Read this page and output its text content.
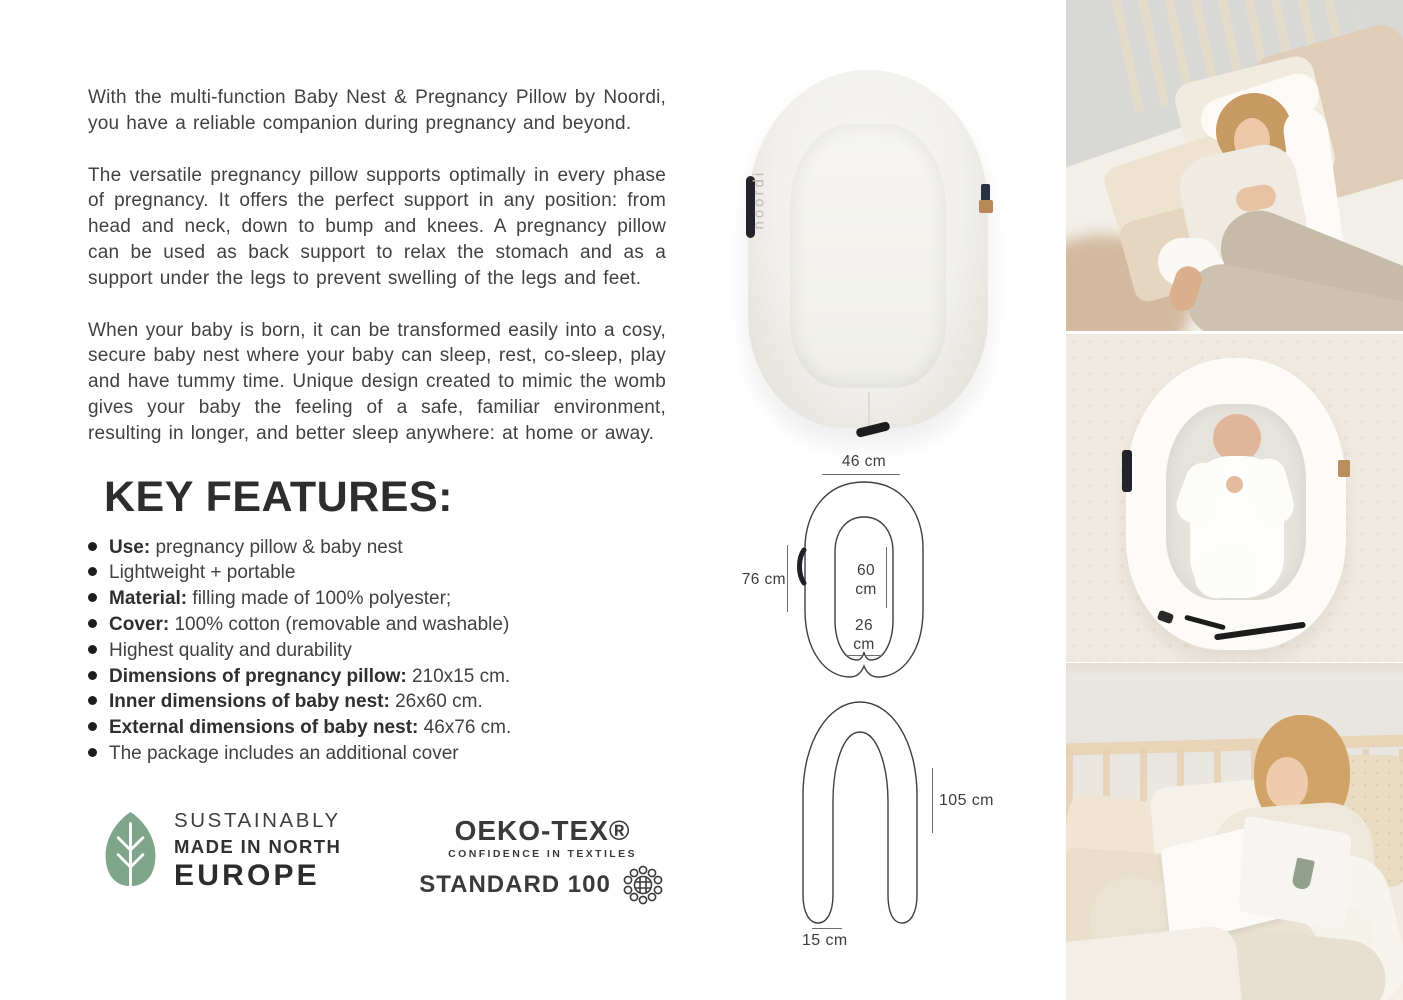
With the multi-function Baby Nest & Pregnancy Pillow by Noordi, you have a reliable companion during pregnancy and beyond.

The versatile pregnancy pillow supports optimally in every phase of pregnancy. It offers the perfect support in any position: from head and neck, down to bump and knees. A pregnancy pillow can be used as back support to relax the stomach and as a support under the legs to prevent swelling of the legs and feet.

When your baby is born, it can be transformed easily into a cosy, secure baby nest where your baby can sleep, rest, co-sleep, play and have tummy time. Unique design created to mimic the womb gives your baby the feeling of a safe, familiar environment, resulting in longer, and better sleep anywhere: at home or away.

KEY FEATURES:
Use: pregnancy pillow & baby nest
Lightweight + portable
Material: filling made of 100% polyester;
Cover: 100% cotton (removable and washable)
Highest quality and durability
Dimensions of pregnancy pillow: 210x15 cm.
Inner dimensions of baby nest: 26x60 cm.
External dimensions of baby nest: 46x76 cm.
The package includes an additional cover
SUSTAINABLY
MADE IN NORTH
EUROPE
OEKO-TEX®
CONFIDENCE IN TEXTILES
STANDARD 100
46 cm
76 cm
60 cm
26 cm
105 cm
15 cm
